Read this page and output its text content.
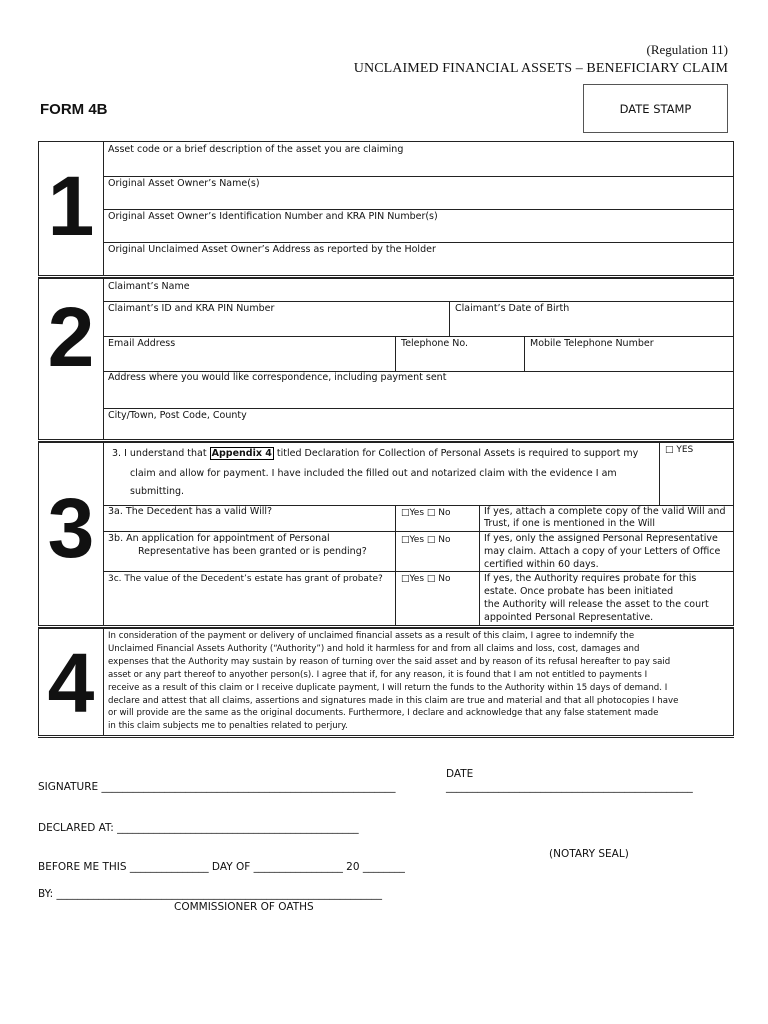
(Regulation 11)
UNCLAIMED FINANCIAL ASSETS – BENEFICIARY CLAIM
FORM 4B	DATE STAMP
1
Asset code or a brief description of the asset you are claiming
Original Asset Owner’s Name(s)
Original Asset Owner’s Identification Number and KRA PIN Number(s)
Original Unclaimed Asset Owner’s Address as reported by the Holder
2
Claimant’s Name
Claimant’s ID and KRA PIN Number	Claimant’s Date of Birth
Email Address	Telephone No.	Mobile Telephone Number
Address where you would like correspondence, including payment sent
City/Town, Post Code, County
3
3. I understand that Appendix 4 titled Declaration for Collection of Personal Assets is required to support my
claim and allow for payment. I have included the filled out and notarized claim with the evidence I am
submitting.
□ YES
3a. The Decedent has a valid Will?	□Yes □ No	If yes, attach a complete copy of the valid Will and
Trust, if one is mentioned in the Will
3b. An application for appointment of Personal
Representative has been granted or is pending?
□Yes □ No	If yes, only the assigned Personal Representative
may claim. Attach a copy of your Letters of Office
certified within 60 days.
3c. The value of the Decedent’s estate has grant of probate? □Yes □ No	If yes, the Authority requires probate for this
estate. Once probate has been initiated
the Authority will release the asset to the court
appointed Personal Representative.
4	In consideration of the payment or delivery of unclaimed financial assets as a result of this claim, I agree to indemnify the
Unclaimed Financial Assets Authority (“Authority”) and hold it harmless for and from all claims and loss, cost, damages and
expenses that the Authority may sustain by reason of turning over the said asset and by reason of its refusal hereafter to pay said
asset or any part thereof to anyother person(s). I agree that if, for any reason, it is found that I am not entitled to payments I
receive as a result of this claim or I receive duplicate payment, I will return the funds to the Authority within 15 days of demand. I
declare and attest that all claims, assertions and signatures made in this claim are true and material and that all photocopies I have
or will provide are the same as the original documents. Furthermore, I declare and acknowledge that any false statement made
in this claim subjects me to penalties related to perjury.
SIGNATURE ________________________________________________________
DATE
_______________________________________________
DECLARED AT: ______________________________________________
(NOTARY SEAL)
BEFORE ME THIS _______________ DAY OF _________________ 20 ________
BY: ______________________________________________________________
COMMISSIONER OF OATHS
